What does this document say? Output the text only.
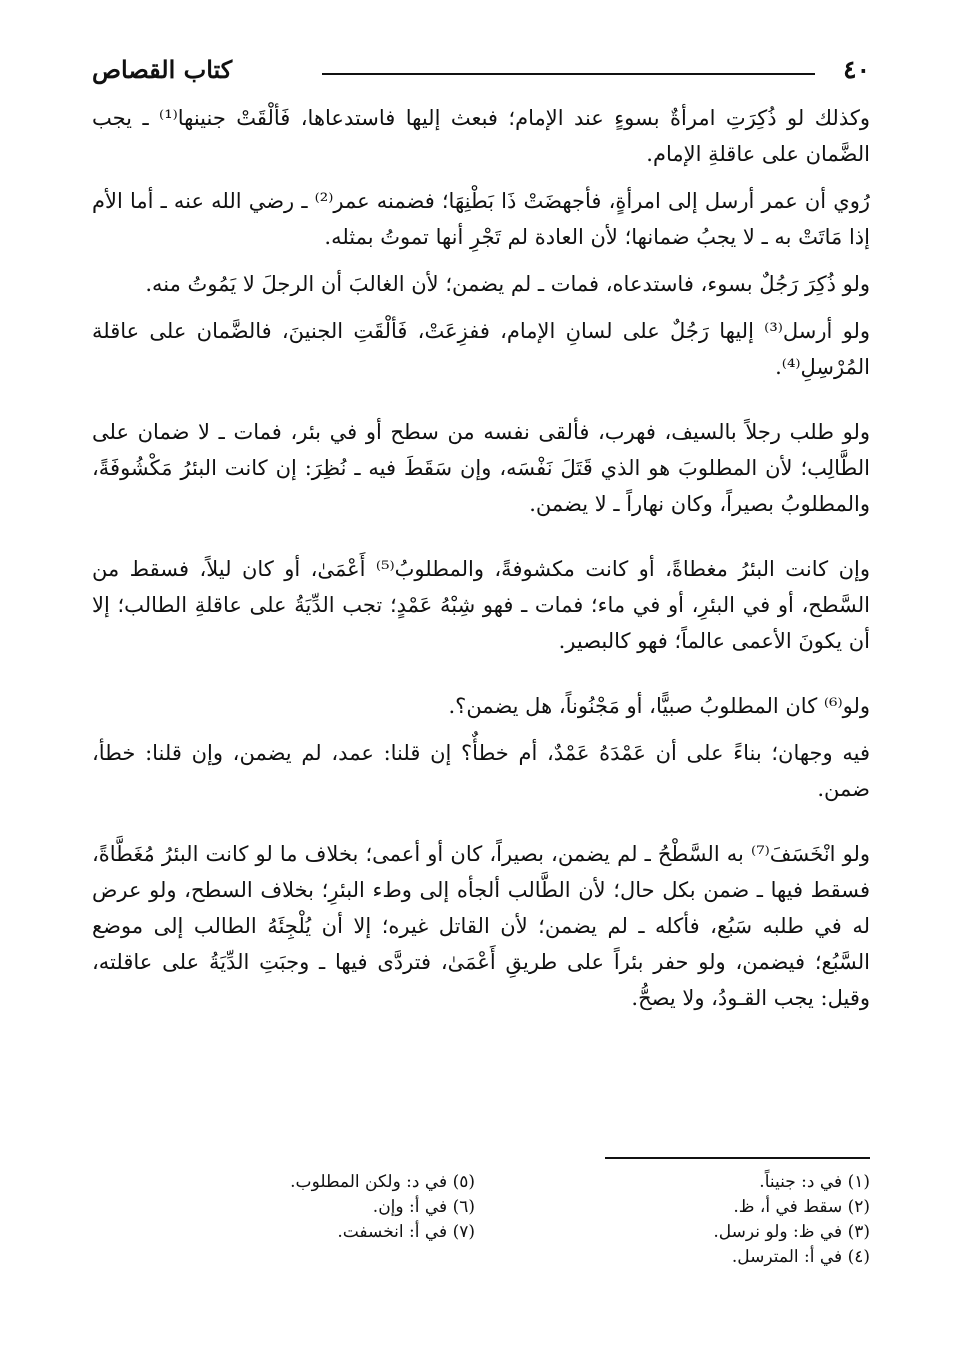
٤٠
كتاب القصاص

وكذلك لو ذُكِرَتِ امرأةٌ بسوءٍ عند الإمام؛ فبعث إليها فاستدعاها، فَألْقَتْ جنينها⁽¹⁾ ـ يجب الضَّمان على عاقلةِ الإمام.

رُوي أن عمر أرسل إلى امرأةٍ، فأجهضَتْ ذَا بَطْنِهَا؛ فضمنه عمر⁽²⁾ ـ رضي الله عنه ـ أما الأم إذا مَاتَتْ به ـ لا يجبُ ضمانها؛ لأن العادة لم تَجْرِ أنها تموتُ بمثله.

ولو ذُكِرَ رَجُلٌ بسوء، فاستدعاه، فمات ـ لم يضمن؛ لأن الغالبَ أن الرجلَ لا يَمُوتُ منه.

ولو أرسل⁽³⁾ إليها رَجُلٌ على لسانِ الإمام، ففزِعَتْ، فَألْقَتِ الجنينَ، فالضَّمان على عاقلة المُرْسِلِ⁽⁴⁾.

ولو طلب رجلاً بالسيف، فهرب، فألقى نفسه من سطح أو في بئر، فمات ـ لا ضمان على الطَّالِب؛ لأن المطلوبَ هو الذي قَتَلَ نَفْسَه، وإن سَقَطَ فيه ـ نُظِرَ: إن كانت البئرُ مَكْشُوفَةً، والمطلوبُ بصيراً، وكان نهاراً ـ لا يضمن.

وإن كانت البئرُ مغطاةً، أو كانت مكشوفةً، والمطلوبُ⁽⁵⁾ أَعْمَىٰ، أو كان ليلاً، فسقط من السَّطح، أو في البئرِ، أو في ماء؛ فمات ـ فهو شِبْهُ عَمْدٍ؛ تجب الدِّيَةُ على عاقلةِ الطالب؛ إلا أن يكونَ الأعمى عالماً؛ فهو كالبصير.

ولو⁽⁶⁾ كان المطلوبُ صبيًّا، أو مَجْنُوناً، هل يضمن؟.

فيه وجهان؛ بناءً على أن عَمْدَهُ عَمْدٌ، أم خطأٌ؟ إن قلنا: عمد، لم يضمن، وإن قلنا: خطأ، ضمن.

ولو انْخَسَفَ⁽⁷⁾ به السَّطْحُ ـ لم يضمن، بصيراً، كان أو أعمى؛ بخلاف ما لو كانت البئرُ مُغَطَّاةً، فسقط فيها ـ ضمن بكل حال؛ لأن الطَّالب ألجأه إلى وطء البئرِ؛ بخلاف السطح، ولو عرض له في طلبه سَبُع، فأكله ـ لم يضمن؛ لأن القاتل غيره؛ إلا أن يُلْجِئَهُ الطالب إلى موضع السَّبُع؛ فيضمن، ولو حفر بئراً على طريقِ أَعْمَىٰ، فتردَّى فيها ـ وجبَتِ الدِّيَةُ على عاقلته، وقيل: يجب القـودُ، ولا يصحُّ.

(١) في د: جنيناً.

(٢) سقط في أ، ظ.

(٣) في ظ: ولو نرسل.

(٤) في أ: المترسل.

(٥) في د: ولكن المطلوب.

(٦) في أ: وإن.

(٧) في أ: انخسفت.
